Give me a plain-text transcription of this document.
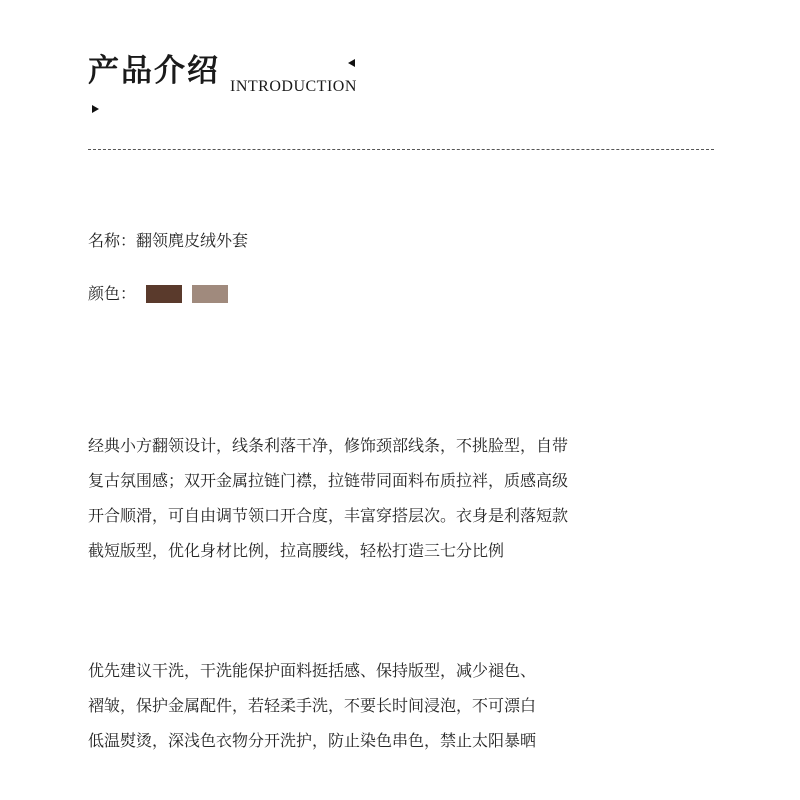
产品介绍 INTRODUCTION
名称：翻领麂皮绒外套
颜色：
经典小方翻领设计，线条利落干净，修饰颈部线条，不挑脸型，自带
复古氛围感；双开金属拉链门襟，拉链带同面料布质拉袢，质感高级
开合顺滑，可自由调节领口开合度，丰富穿搭层次。衣身是利落短款
截短版型，优化身材比例，拉高腰线，轻松打造三七分比例
优先建议干洗，干洗能保护面料挺括感、保持版型，减少褪色、
褶皱，保护金属配件，若轻柔手洗，不要长时间浸泡，不可漂白
低温熨烫，深浅色衣物分开洗护，防止染色串色，禁止太阳暴晒
